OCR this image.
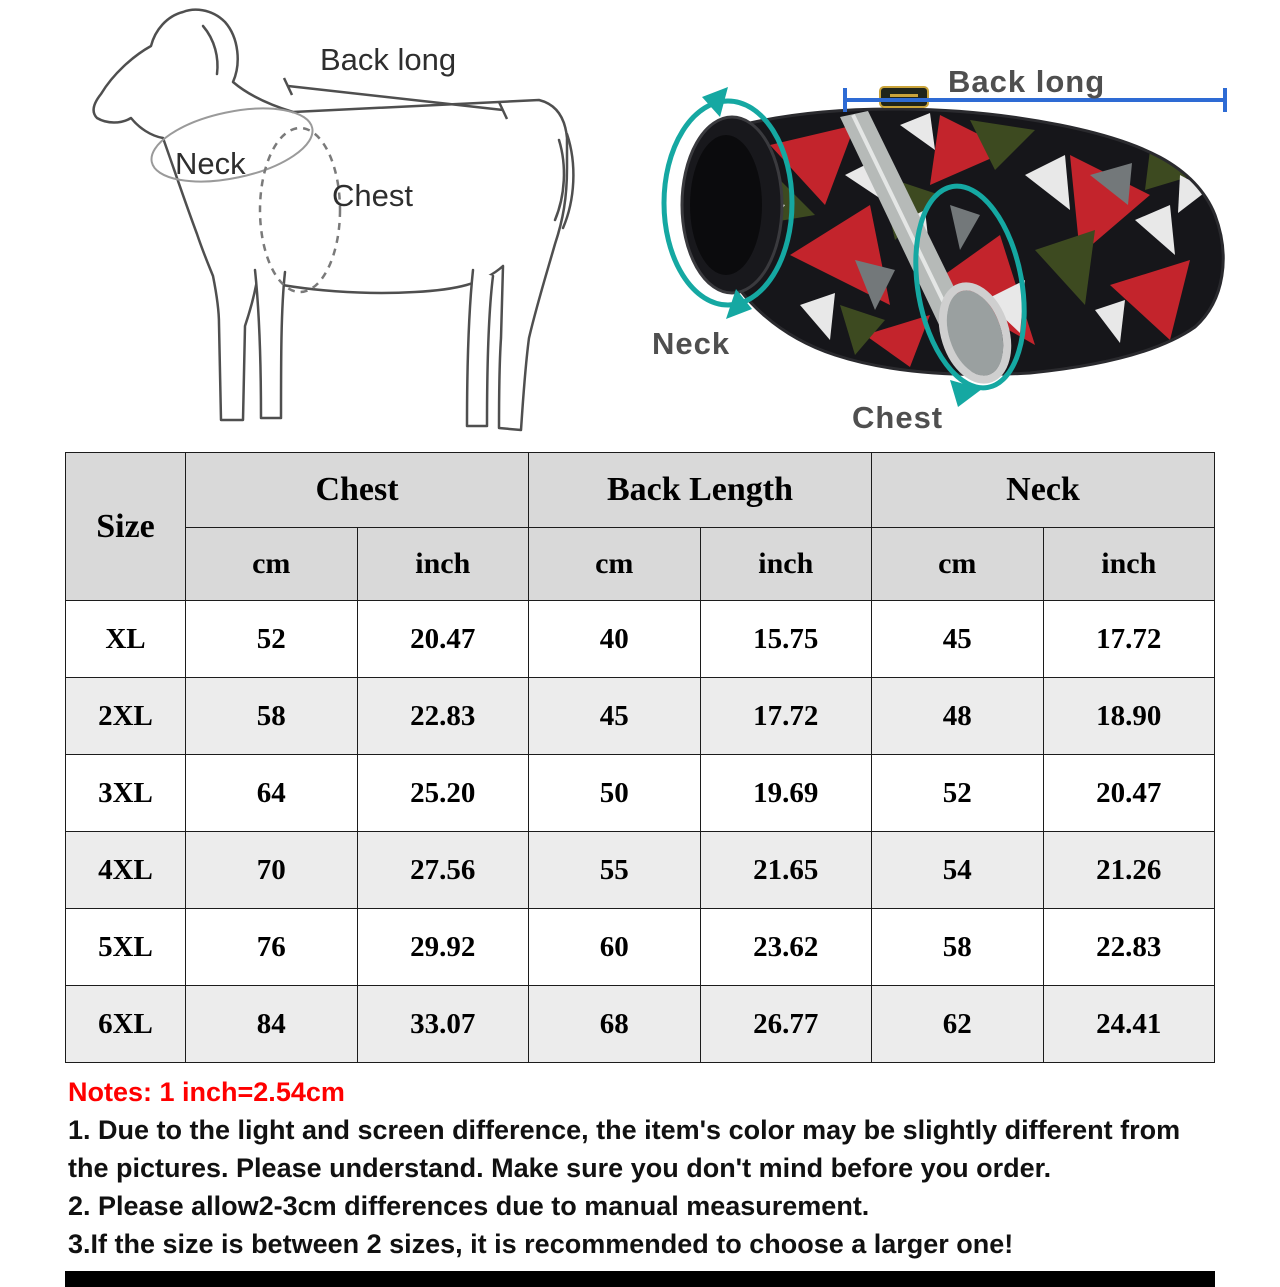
Back long
Neck
Chest
Back long
Neck
Chest
Size	Chest		Back Length		Neck	
	cm	inch	cm	inch	cm	inch
XL	52	20.47	40	15.75	45	17.72
2XL	58	22.83	45	17.72	48	18.90
3XL	64	25.20	50	19.69	52	20.47
4XL	70	27.56	55	21.65	54	21.26
5XL	76	29.92	60	23.62	58	22.83
6XL	84	33.07	68	26.77	62	24.41

Notes: 1 inch=2.54cm

1. Due to the light and screen difference, the item's color may be slightly different from the pictures. Please understand. Make sure you don't mind before you order.

2. Please allow2-3cm differences due to manual measurement.

3.If the size is between 2 sizes, it is recommended to choose a larger one!
